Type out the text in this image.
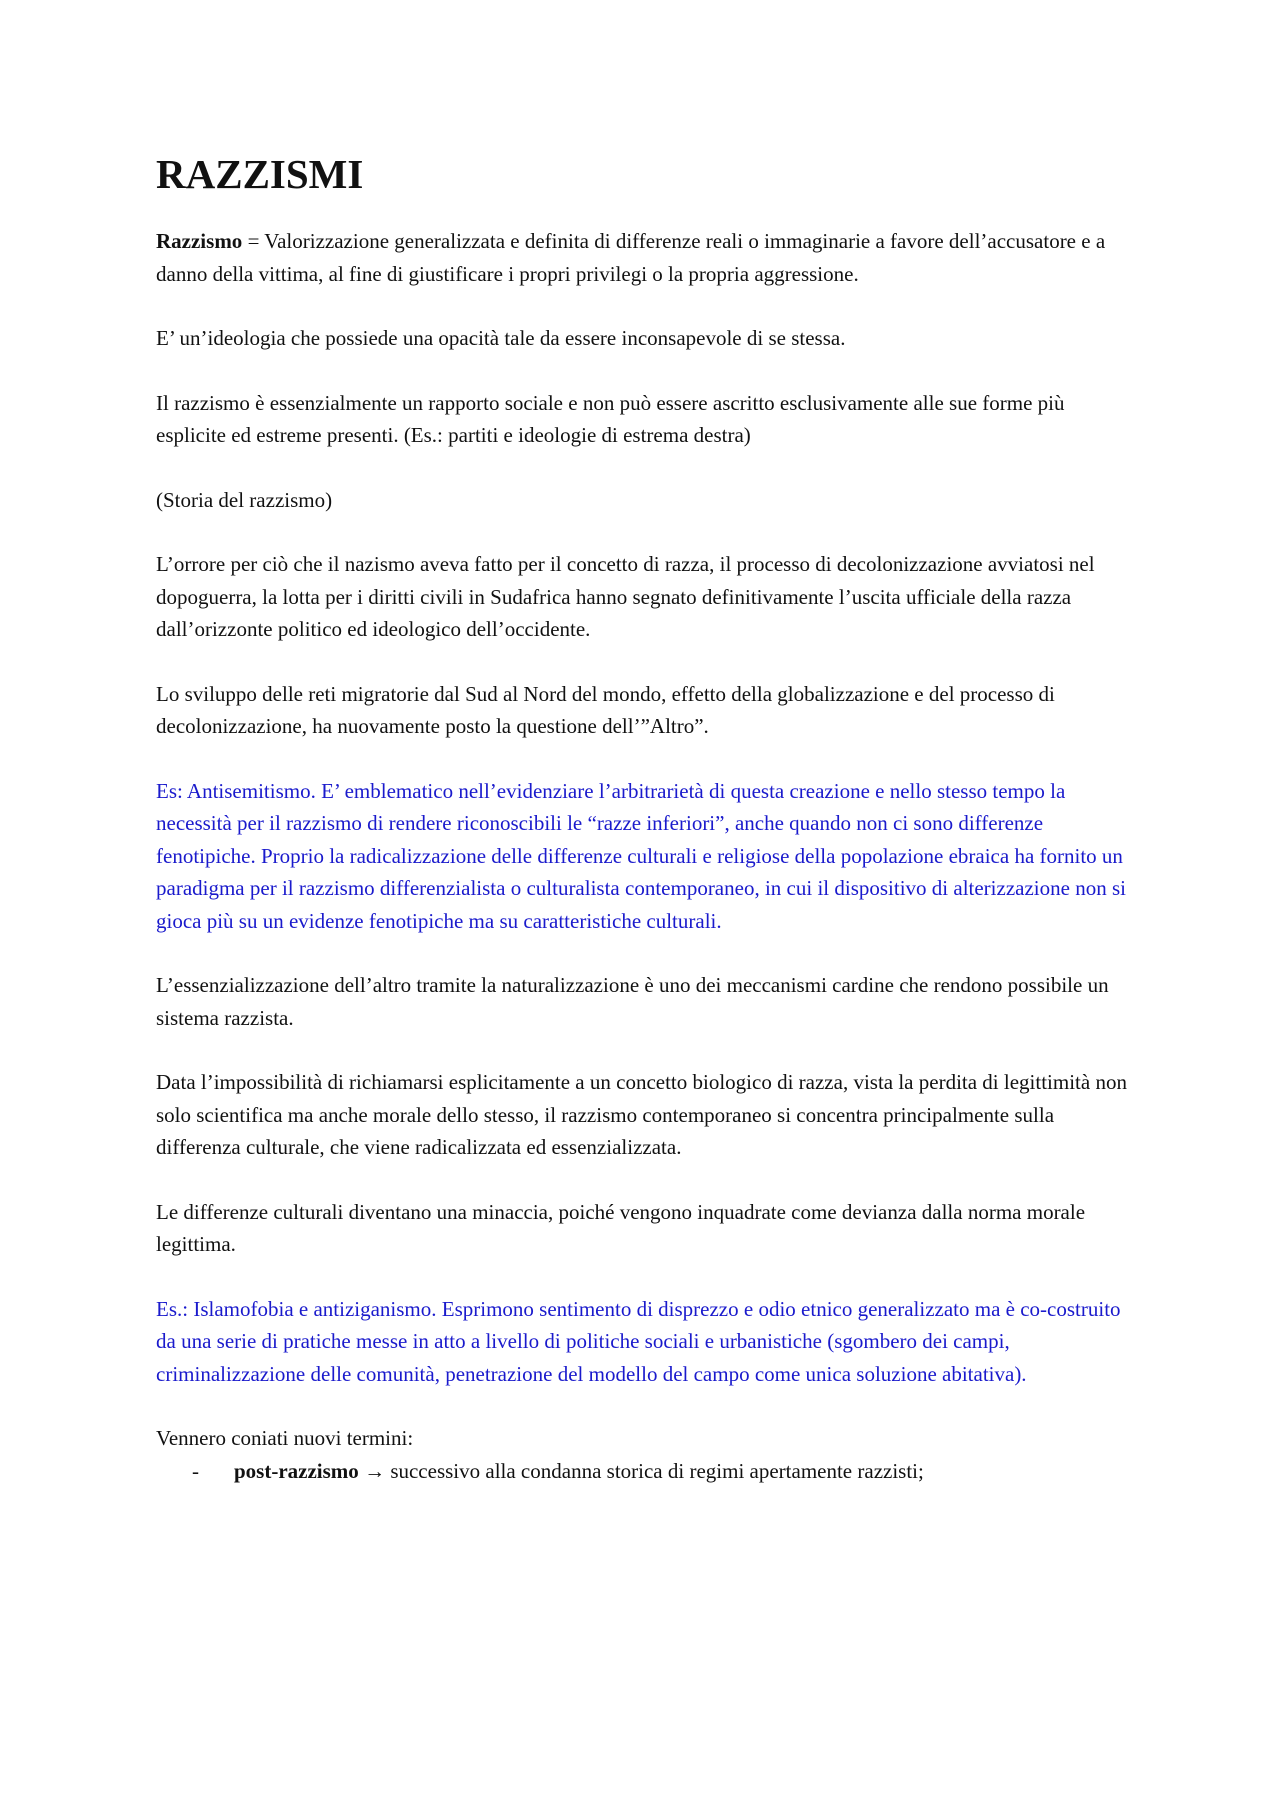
RAZZISMI

Razzismo = Valorizzazione generalizzata e definita di differenze reali o immaginarie a favore dell’accusatore e a danno della vittima, al fine di giustificare i propri privilegi o la propria aggressione.

E’ un’ideologia che possiede una opacità tale da essere inconsapevole di se stessa.

Il razzismo è essenzialmente un rapporto sociale e non può essere ascritto esclusivamente alle sue forme più esplicite ed estreme presenti. (Es.: partiti e ideologie di estrema destra)

(Storia del razzismo)

L’orrore per ciò che il nazismo aveva fatto per il concetto di razza, il processo di decolonizzazione avviatosi nel dopoguerra, la lotta per i diritti civili in Sudafrica hanno segnato definitivamente l’uscita ufficiale della razza dall’orizzonte politico ed ideologico dell’occidente.

Lo sviluppo delle reti migratorie dal Sud al Nord del mondo, effetto della globalizzazione e del processo di decolonizzazione, ha nuovamente posto la questione dell’”Altro”.

Es: Antisemitismo. E’ emblematico nell’evidenziare l’arbitrarietà di questa creazione e nello stesso tempo la necessità per il razzismo di rendere riconoscibili le “razze inferiori”, anche quando non ci sono differenze fenotipiche. Proprio la radicalizzazione delle differenze culturali e religiose della popolazione ebraica ha fornito un paradigma per il razzismo differenzialista o culturalista contemporaneo, in cui il dispositivo di alterizzazione non si gioca più su un evidenze fenotipiche ma su caratteristiche culturali.

L’essenzializzazione dell’altro tramite la naturalizzazione è uno dei meccanismi cardine che rendono possibile un sistema razzista.

Data l’impossibilità di richiamarsi esplicitamente a un concetto biologico di razza, vista la perdita di legittimità non solo scientifica ma anche morale dello stesso, il razzismo contemporaneo si concentra principalmente sulla differenza culturale, che viene radicalizzata ed essenzializzata.

Le differenze culturali diventano una minaccia, poiché vengono inquadrate come devianza dalla norma morale legittima.

Es.: Islamofobia e antiziganismo. Esprimono sentimento di disprezzo e odio etnico generalizzato ma è co-costruito da una serie di pratiche messe in atto a livello di politiche sociali e urbanistiche (sgombero dei campi, criminalizzazione delle comunità, penetrazione del modello del campo come unica soluzione abitativa).

Vennero coniati nuovi termini:

- post-razzismo → successivo alla condanna storica di regimi apertamente razzisti;
